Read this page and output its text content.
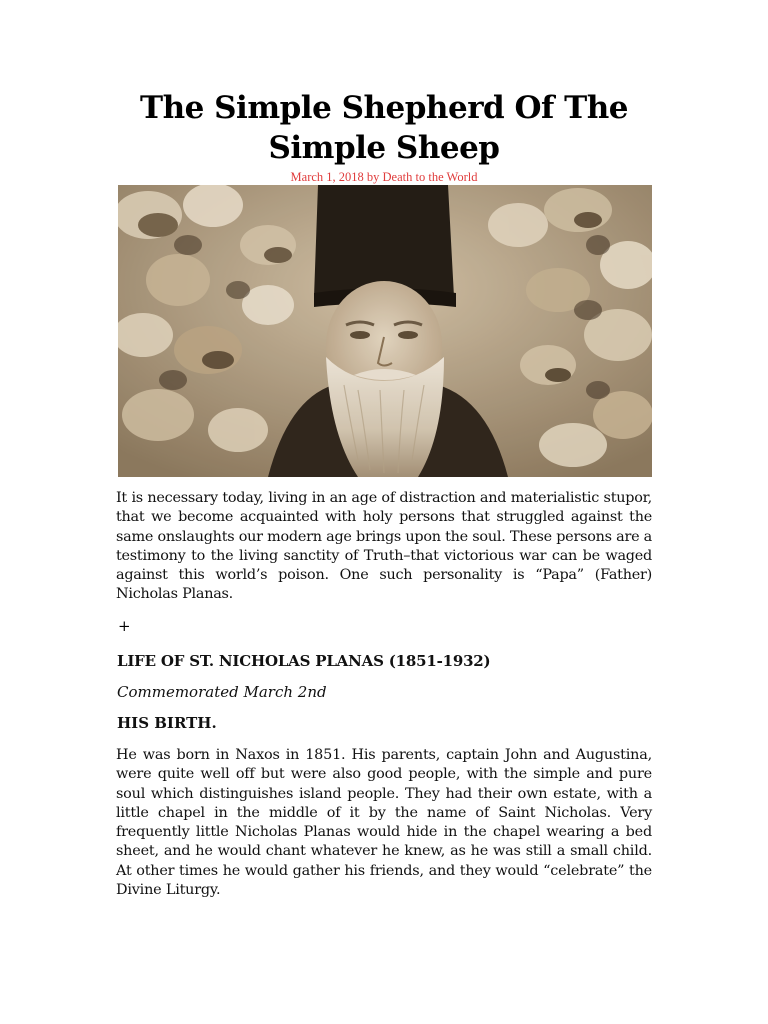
The Simple Shepherd Of The Simple Sheep
March 1, 2018 by Death to the World

It is necessary today, living in an age of distraction and materialistic stupor, that we become acquainted with holy persons that struggled against the same onslaughts our modern age brings upon the soul. These persons are a testimony to the living sanctity of Truth–that victorious war can be waged against this world’s poison. One such personality is “Papa” (Father) Nicholas Planas.

+
LIFE OF ST. NICHOLAS PLANAS (1851-1932)
Commemorated March 2nd
HIS BIRTH.

He was born in Naxos in 1851. His parents, captain John and Augustina, were quite well off but were also good people, with the simple and pure soul which distinguishes island people. They had their own estate, with a little chapel in the middle of it by the name of Saint Nicholas. Very frequently little Nicholas Planas would hide in the chapel wearing a bed sheet, and he would chant whatever he knew, as he was still a small child. At other times he would gather his friends, and they would “celebrate” the Divine Liturgy.
